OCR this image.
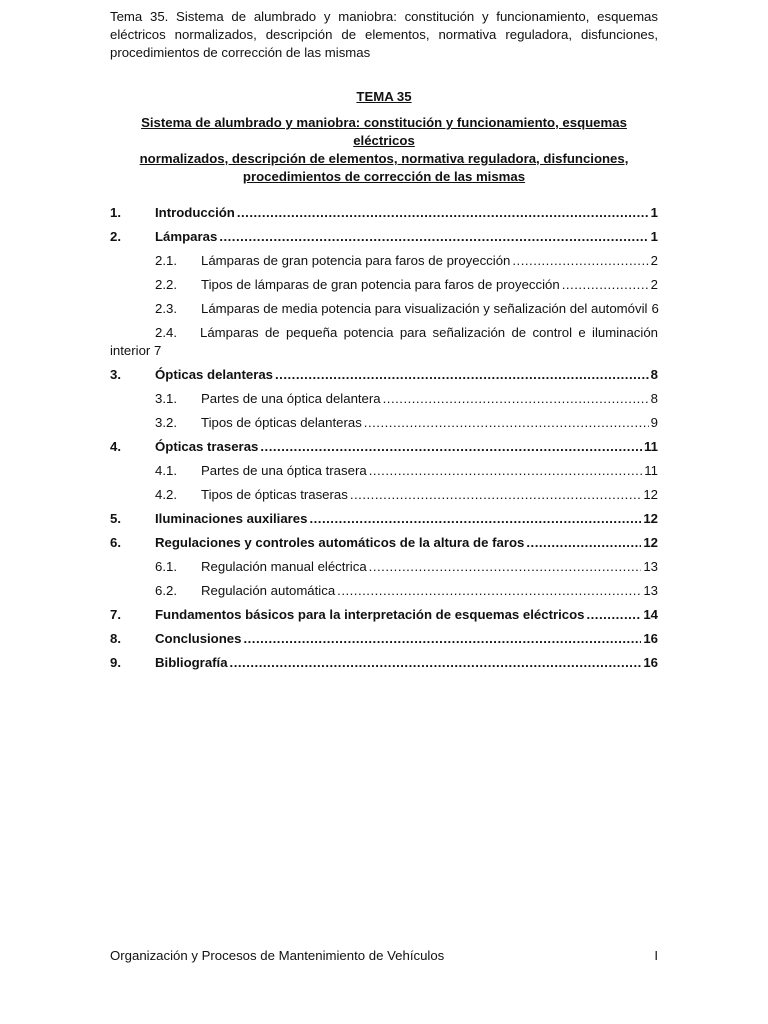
Tema 35. Sistema de alumbrado y maniobra: constitución y funcionamiento, esquemas eléctricos normalizados, descripción de elementos, normativa reguladora, disfunciones, procedimientos de corrección de las mismas
TEMA 35
Sistema de alumbrado y maniobra: constitución y funcionamiento, esquemas eléctricos
normalizados, descripción de elementos, normativa reguladora, disfunciones,
procedimientos de corrección de las mismas
1.	Introducción .....	1
2.	Lámparas .....	1
2.1.	Lámparas de gran potencia para faros de proyección .....	2
2.2.	Tipos de lámparas de gran potencia para faros de proyección .....	2
2.3.	Lámparas de media potencia para visualización y señalización del automóvil 6
2.4.	Lámparas de pequeña potencia para señalización de control e iluminación
interior 7
3.	Ópticas delanteras .....	8
3.1.	Partes de una óptica delantera .....	8
3.2.	Tipos de ópticas delanteras .....	9
4.	Ópticas traseras .....	11
4.1.	Partes de una óptica trasera .....	11
4.2.	Tipos de ópticas traseras .....	12
5.	Iluminaciones auxiliares .....	12
6.	Regulaciones y controles automáticos de la altura de faros .....	12
6.1.	Regulación manual eléctrica .....	13
6.2.	Regulación automática .....	13
7.	Fundamentos básicos para la interpretación de esquemas eléctricos .....	14
8.	Conclusiones .....	16
9.	Bibliografía .....	16
Organización y Procesos de Mantenimiento de Vehículos	I
